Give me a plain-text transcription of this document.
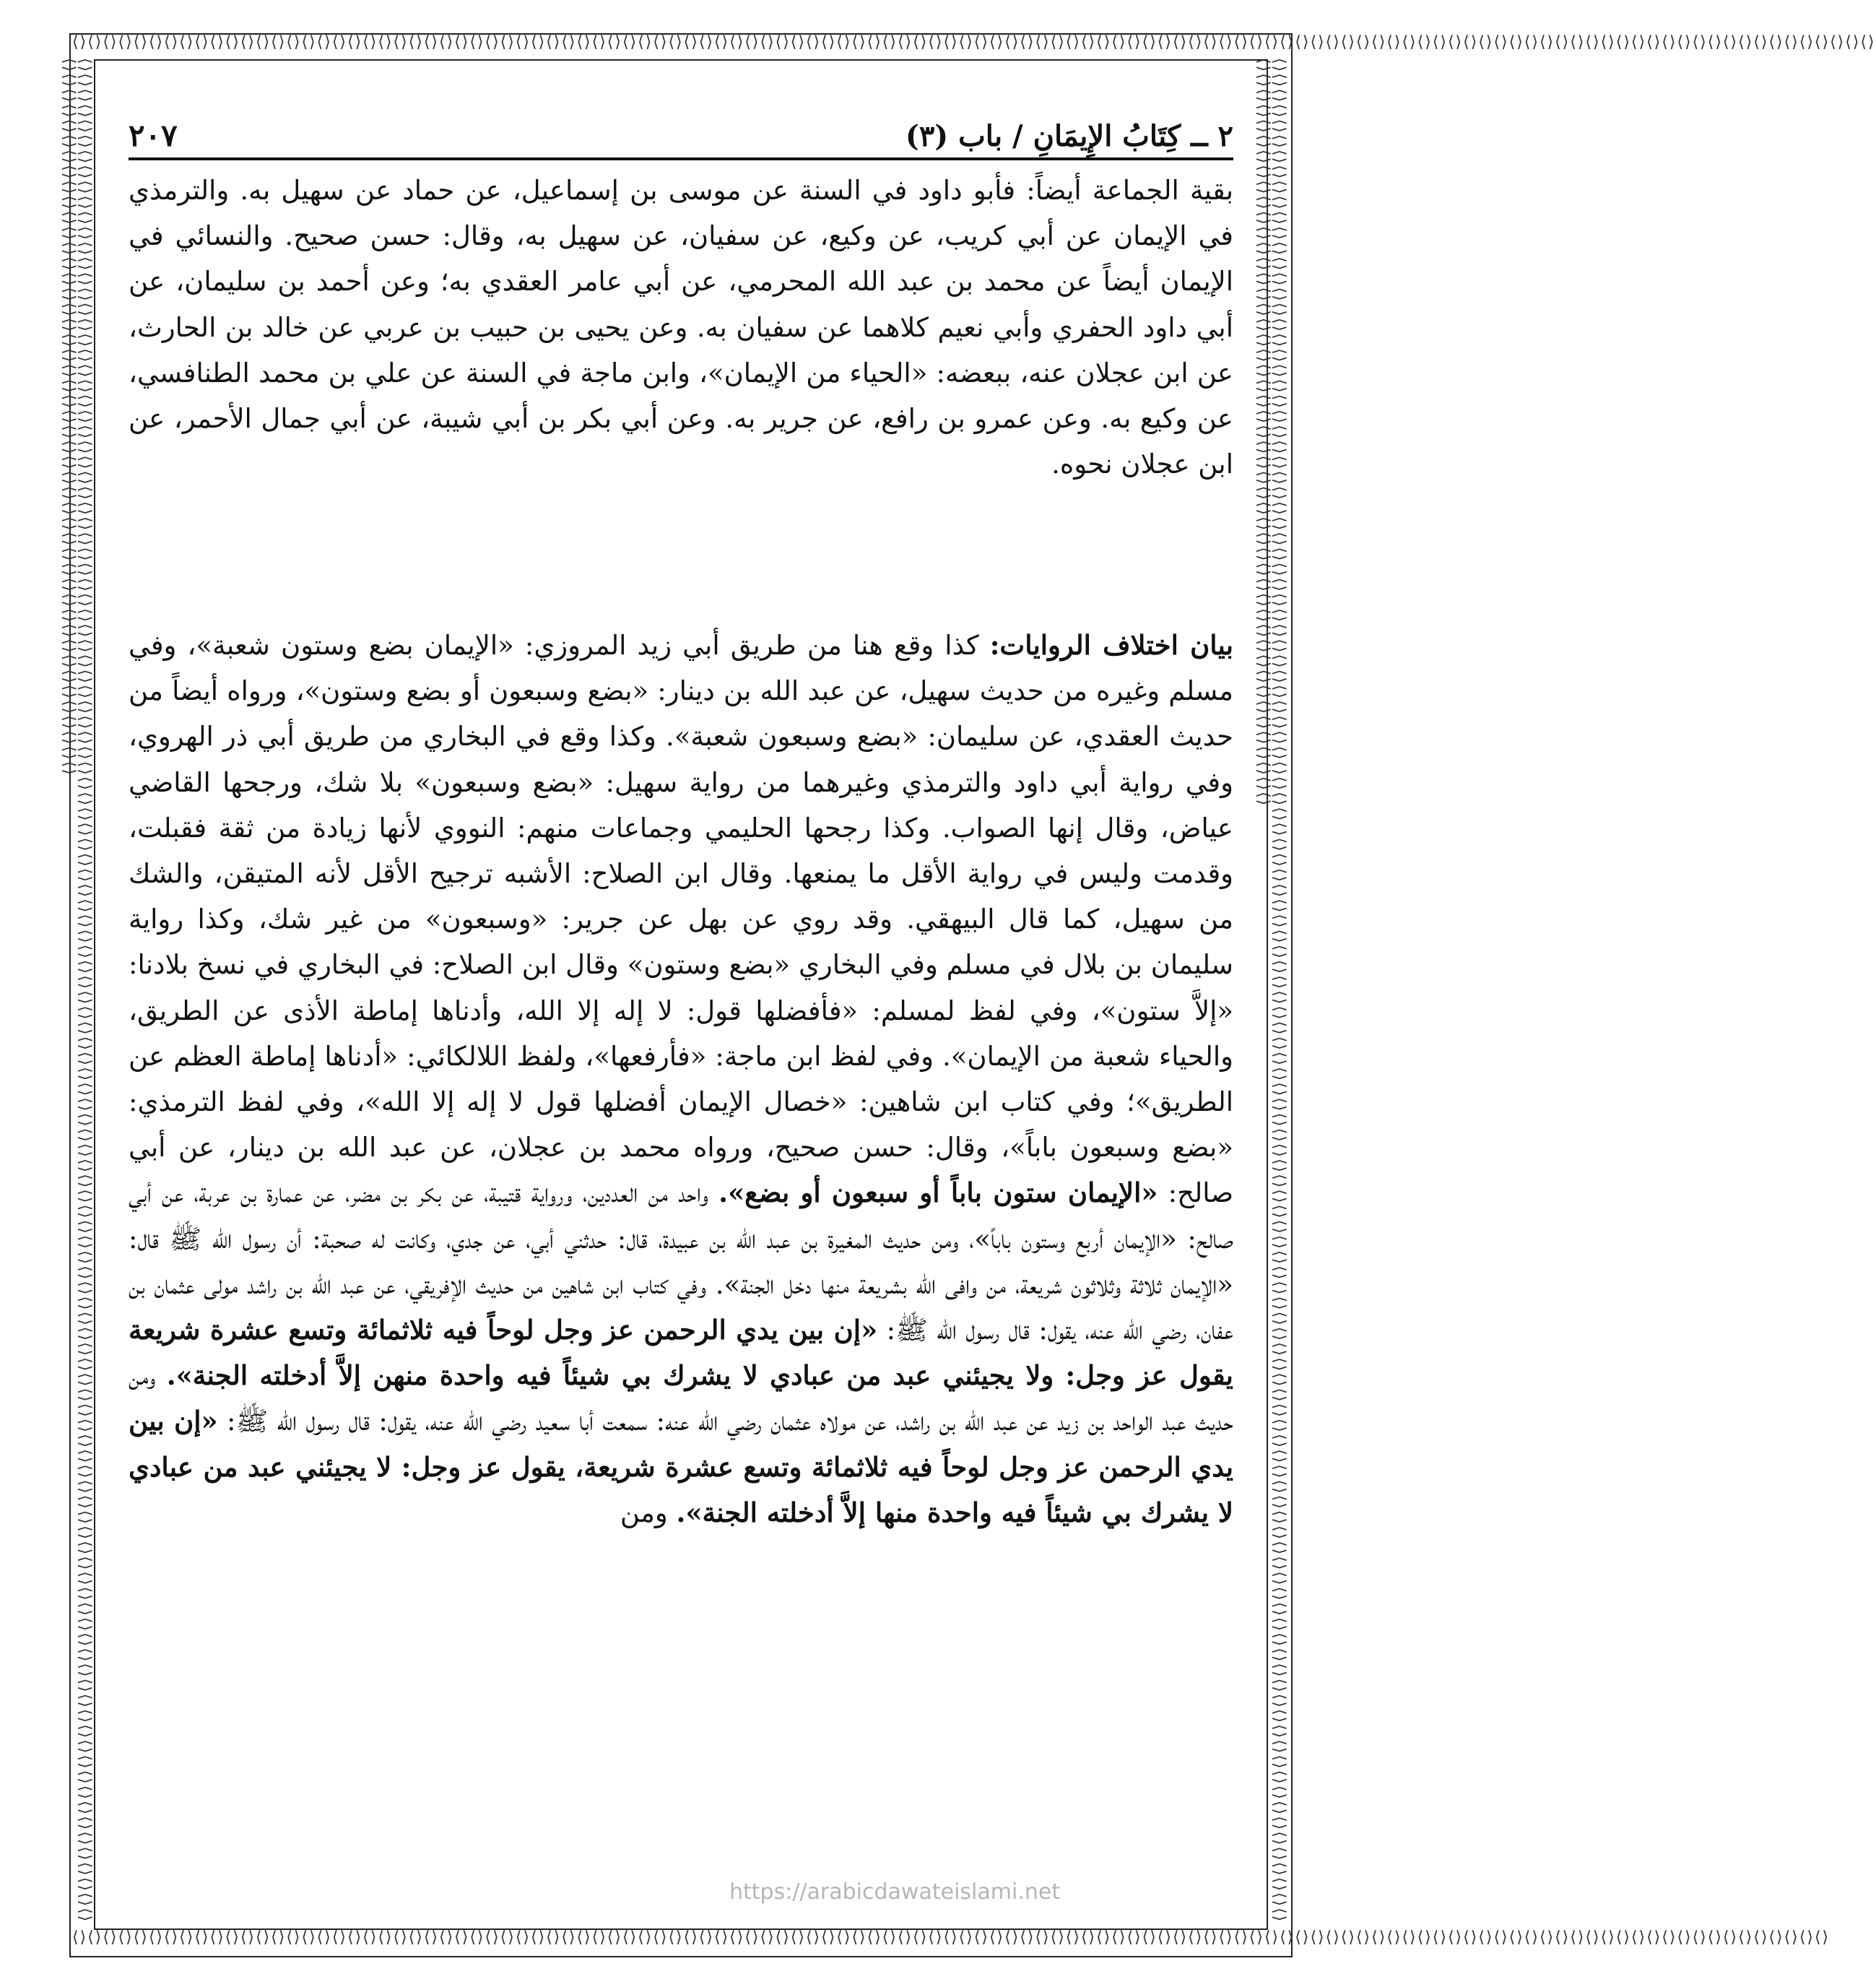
⟨⟩⟨⟩⟨⟩⟨⟩⟨⟩⟨⟩⟨⟩⟨⟩⟨⟩⟨⟩⟨⟩⟨⟩⟨⟩⟨⟩⟨⟩⟨⟩⟨⟩⟨⟩⟨⟩⟨⟩⟨⟩⟨⟩⟨⟩⟨⟩⟨⟩⟨⟩⟨⟩⟨⟩⟨⟩⟨⟩⟨⟩⟨⟩⟨⟩⟨⟩⟨⟩⟨⟩⟨⟩⟨⟩⟨⟩⟨⟩⟨⟩⟨⟩⟨⟩⟨⟩⟨⟩⟨⟩⟨⟩⟨⟩⟨⟩⟨⟩⟨⟩⟨⟩⟨⟩⟨⟩⟨⟩⟨⟩⟨⟩⟨⟩⟨⟩⟨⟩⟨⟩⟨⟩⟨⟩⟨⟩⟨⟩⟨⟩⟨⟩⟨⟩⟨⟩⟨⟩⟨⟩⟨⟩⟨⟩⟨⟩⟨⟩⟨⟩⟨⟩⟨⟩⟨⟩⟨⟩⟨⟩⟨⟩⟨⟩⟨⟩⟨⟩⟨⟩⟨⟩⟨⟩⟨⟩⟨⟩⟨⟩⟨⟩⟨⟩⟨⟩⟨⟩⟨⟩⟨⟩⟨⟩⟨⟩⟨⟩⟨⟩⟨⟩⟨⟩⟨⟩⟨⟩⟨⟩⟨⟩⟨⟩⟨⟩⟨⟩⟨⟩⟨⟩⟨⟩⟨⟩⟨⟩⟨⟩⟨⟩⟨⟩
⟨⟩⟨⟩⟨⟩⟨⟩⟨⟩⟨⟩⟨⟩⟨⟩⟨⟩⟨⟩⟨⟩⟨⟩⟨⟩⟨⟩⟨⟩⟨⟩⟨⟩⟨⟩⟨⟩⟨⟩⟨⟩⟨⟩⟨⟩⟨⟩⟨⟩⟨⟩⟨⟩⟨⟩⟨⟩⟨⟩⟨⟩⟨⟩⟨⟩⟨⟩⟨⟩⟨⟩⟨⟩⟨⟩⟨⟩⟨⟩⟨⟩⟨⟩⟨⟩⟨⟩⟨⟩⟨⟩⟨⟩⟨⟩⟨⟩⟨⟩⟨⟩⟨⟩⟨⟩⟨⟩⟨⟩⟨⟩⟨⟩⟨⟩⟨⟩⟨⟩⟨⟩⟨⟩⟨⟩⟨⟩⟨⟩⟨⟩⟨⟩⟨⟩⟨⟩⟨⟩⟨⟩⟨⟩⟨⟩⟨⟩⟨⟩⟨⟩⟨⟩⟨⟩⟨⟩⟨⟩⟨⟩⟨⟩⟨⟩⟨⟩⟨⟩⟨⟩⟨⟩⟨⟩⟨⟩⟨⟩⟨⟩⟨⟩⟨⟩⟨⟩⟨⟩⟨⟩⟨⟩⟨⟩⟨⟩⟨⟩⟨⟩⟨⟩⟨⟩⟨⟩⟨⟩⟨⟩⟨⟩⟨⟩⟨⟩⟨⟩⟨⟩⟨⟩⟨⟩⟨⟩⟨⟩
⟨⟩⟨⟩⟨⟩⟨⟩⟨⟩⟨⟩⟨⟩⟨⟩⟨⟩⟨⟩⟨⟩⟨⟩⟨⟩⟨⟩⟨⟩⟨⟩⟨⟩⟨⟩⟨⟩⟨⟩⟨⟩⟨⟩⟨⟩⟨⟩⟨⟩⟨⟩⟨⟩⟨⟩⟨⟩⟨⟩⟨⟩⟨⟩⟨⟩⟨⟩⟨⟩⟨⟩⟨⟩⟨⟩⟨⟩⟨⟩⟨⟩⟨⟩⟨⟩⟨⟩⟨⟩⟨⟩⟨⟩⟨⟩⟨⟩⟨⟩⟨⟩⟨⟩⟨⟩⟨⟩⟨⟩⟨⟩⟨⟩⟨⟩⟨⟩⟨⟩⟨⟩⟨⟩⟨⟩⟨⟩⟨⟩⟨⟩⟨⟩⟨⟩⟨⟩⟨⟩⟨⟩⟨⟩⟨⟩⟨⟩⟨⟩⟨⟩⟨⟩⟨⟩⟨⟩⟨⟩⟨⟩⟨⟩⟨⟩⟨⟩⟨⟩⟨⟩⟨⟩⟨⟩⟨⟩⟨⟩⟨⟩⟨⟩⟨⟩⟨⟩⟨⟩⟨⟩⟨⟩⟨⟩⟨⟩⟨⟩⟨⟩⟨⟩⟨⟩⟨⟩⟨⟩⟨⟩⟨⟩⟨⟩⟨⟩⟨⟩⟨⟩⟨⟩⟨⟩⟨⟩⟨⟩⟨⟩⟨⟩⟨⟩⟨⟩⟨⟩⟨⟩⟨⟩⟨⟩⟨⟩⟨⟩⟨⟩⟨⟩⟨⟩⟨⟩⟨⟩⟨⟩⟨⟩⟨⟩⟨⟩⟨⟩⟨⟩⟨⟩⟨⟩⟨⟩⟨⟩⟨⟩⟨⟩⟨⟩⟨⟩⟨⟩⟨⟩⟨⟩⟨⟩⟨⟩⟨⟩⟨⟩⟨⟩⟨⟩⟨⟩⟨⟩⟨⟩⟨⟩⟨⟩⟨⟩⟨⟩⟨⟩⟨⟩⟨⟩⟨⟩⟨⟩⟨⟩⟨⟩⟨⟩⟨⟩	⟨⟩⟨⟩⟨⟩⟨⟩⟨⟩⟨⟩⟨⟩⟨⟩⟨⟩⟨⟩⟨⟩⟨⟩⟨⟩⟨⟩⟨⟩⟨⟩⟨⟩⟨⟩⟨⟩⟨⟩⟨⟩⟨⟩⟨⟩⟨⟩⟨⟩⟨⟩⟨⟩⟨⟩⟨⟩⟨⟩⟨⟩⟨⟩⟨⟩⟨⟩⟨⟩⟨⟩⟨⟩⟨⟩⟨⟩⟨⟩⟨⟩⟨⟩⟨⟩⟨⟩⟨⟩⟨⟩⟨⟩⟨⟩⟨⟩⟨⟩⟨⟩⟨⟩⟨⟩⟨⟩⟨⟩⟨⟩⟨⟩⟨⟩⟨⟩⟨⟩⟨⟩⟨⟩⟨⟩⟨⟩⟨⟩⟨⟩⟨⟩⟨⟩⟨⟩⟨⟩⟨⟩⟨⟩⟨⟩⟨⟩⟨⟩⟨⟩⟨⟩⟨⟩⟨⟩⟨⟩⟨⟩⟨⟩⟨⟩⟨⟩⟨⟩⟨⟩⟨⟩⟨⟩⟨⟩⟨⟩⟨⟩⟨⟩⟨⟩⟨⟩⟨⟩⟨⟩⟨⟩⟨⟩⟨⟩⟨⟩⟨⟩⟨⟩⟨⟩⟨⟩⟨⟩⟨⟩⟨⟩⟨⟩⟨⟩⟨⟩⟨⟩⟨⟩⟨⟩⟨⟩⟨⟩⟨⟩⟨⟩⟨⟩⟨⟩⟨⟩⟨⟩⟨⟩⟨⟩⟨⟩⟨⟩⟨⟩⟨⟩⟨⟩⟨⟩⟨⟩⟨⟩⟨⟩⟨⟩⟨⟩⟨⟩⟨⟩⟨⟩⟨⟩⟨⟩⟨⟩⟨⟩⟨⟩⟨⟩⟨⟩⟨⟩⟨⟩⟨⟩⟨⟩⟨⟩⟨⟩⟨⟩⟨⟩⟨⟩⟨⟩⟨⟩⟨⟩⟨⟩⟨⟩⟨⟩⟨⟩⟨⟩⟨⟩⟨⟩⟨⟩⟨⟩⟨⟩⟨⟩⟨⟩⟨⟩⟨⟩⟨⟩
٢ ــ كِتَابُ الإِيمَانِ / باب (٣)
٢٠٧

بقية الجماعة أيضاً: فأبو داود في السنة عن موسى بن إسماعيل، عن حماد عن سهيل به. والترمذي في الإيمان عن أبي كريب، عن وكيع، عن سفيان، عن سهيل به، وقال: حسن صحيح. والنسائي في الإيمان أيضاً عن محمد بن عبد الله المحرمي، عن أبي عامر العقدي به؛ وعن أحمد بن سليمان، عن أبي داود الحفري وأبي نعيم كلاهما عن سفيان به. وعن يحيى بن حبيب بن عربي عن خالد بن الحارث، عن ابن عجلان عنه، ببعضه: «الحياء من الإيمان»، وابن ماجة في السنة عن علي بن محمد الطنافسي، عن وكيع به. وعن عمرو بن رافع، عن جرير به. وعن أبي بكر بن أبي شيبة، عن أبي جمال الأحمر، عن ابن عجلان نحوه.

بيان اختلاف الروايات: كذا وقع هنا من طريق أبي زيد المروزي: «الإيمان بضع وستون شعبة»، وفي مسلم وغيره من حديث سهيل، عن عبد الله بن دينار: «بضع وسبعون أو بضع وستون»، ورواه أيضاً من حديث العقدي، عن سليمان: «بضع وسبعون شعبة». وكذا وقع في البخاري من طريق أبي ذر الهروي، وفي رواية أبي داود والترمذي وغيرهما من رواية سهيل: «بضع وسبعون» بلا شك، ورجحها القاضي عياض، وقال إنها الصواب. وكذا رجحها الحليمي وجماعات منهم: النووي لأنها زيادة من ثقة فقبلت، وقدمت وليس في رواية الأقل ما يمنعها. وقال ابن الصلاح: الأشبه ترجيح الأقل لأنه المتيقن، والشك من سهيل، كما قال البيهقي. وقد روي عن بهل عن جرير: «وسبعون» من غير شك، وكذا رواية سليمان بن بلال في مسلم وفي البخاري «بضع وستون» وقال ابن الصلاح: في البخاري في نسخ بلادنا: «إلاَّ ستون»، وفي لفظ لمسلم: «فأفضلها قول: لا إله إلا الله، وأدناها إماطة الأذى عن الطريق، والحياء شعبة من الإيمان». وفي لفظ ابن ماجة: «فأرفعها»، ولفظ اللالكائي: «أدناها إماطة العظم عن الطريق»؛ وفي كتاب ابن شاهين: «خصال الإيمان أفضلها قول لا إله إلا الله»، وفي لفظ الترمذي: «بضع وسبعون باباً»، وقال: حسن صحيح، ورواه محمد بن عجلان، عن عبد الله بن دينار، عن أبي صالح: «الإيمان ستون باباً أو سبعون أو بضع». واحد من العددين، ورواية قتيبة، عن بكر بن مضر، عن عمارة بن عربة، عن أبي صالح: «الإيمان أربع وستون باباً»، ومن حديث المغيرة بن عبد الله بن عبيدة، قال: حدثني أبي، عن جدي، وكانت له صحبة: أن رسول الله ﷺ قال: «الإيمان ثلاثة وثلاثون شريعة، من وافى الله بشريعة منها دخل الجنة». وفي كتاب ابن شاهين من حديث الإفريقي، عن عبد الله بن راشد مولى عثمان بن عفان، رضي الله عنه، يقول: قال رسول الله ﷺ: «إن بين يدي الرحمن عز وجل لوحاً فيه ثلاثمائة وتسع عشرة شريعة يقول عز وجل: ولا يجيئني عبد من عبادي لا يشرك بي شيئاً فيه واحدة منهن إلاَّ أدخلته الجنة». ومن حديث عبد الواحد بن زيد عن عبد الله بن راشد، عن مولاه عثمان رضي الله عنه: سمعت أبا سعيد رضي الله عنه، يقول: قال رسول الله ﷺ: «إن بين يدي الرحمن عز وجل لوحاً فيه ثلاثمائة وتسع عشرة شريعة، يقول عز وجل: لا يجيئني عبد من عبادي لا يشرك بي شيئاً فيه واحدة منها إلاَّ أدخلته الجنة». ومن

https://arabicdawateislami.net
